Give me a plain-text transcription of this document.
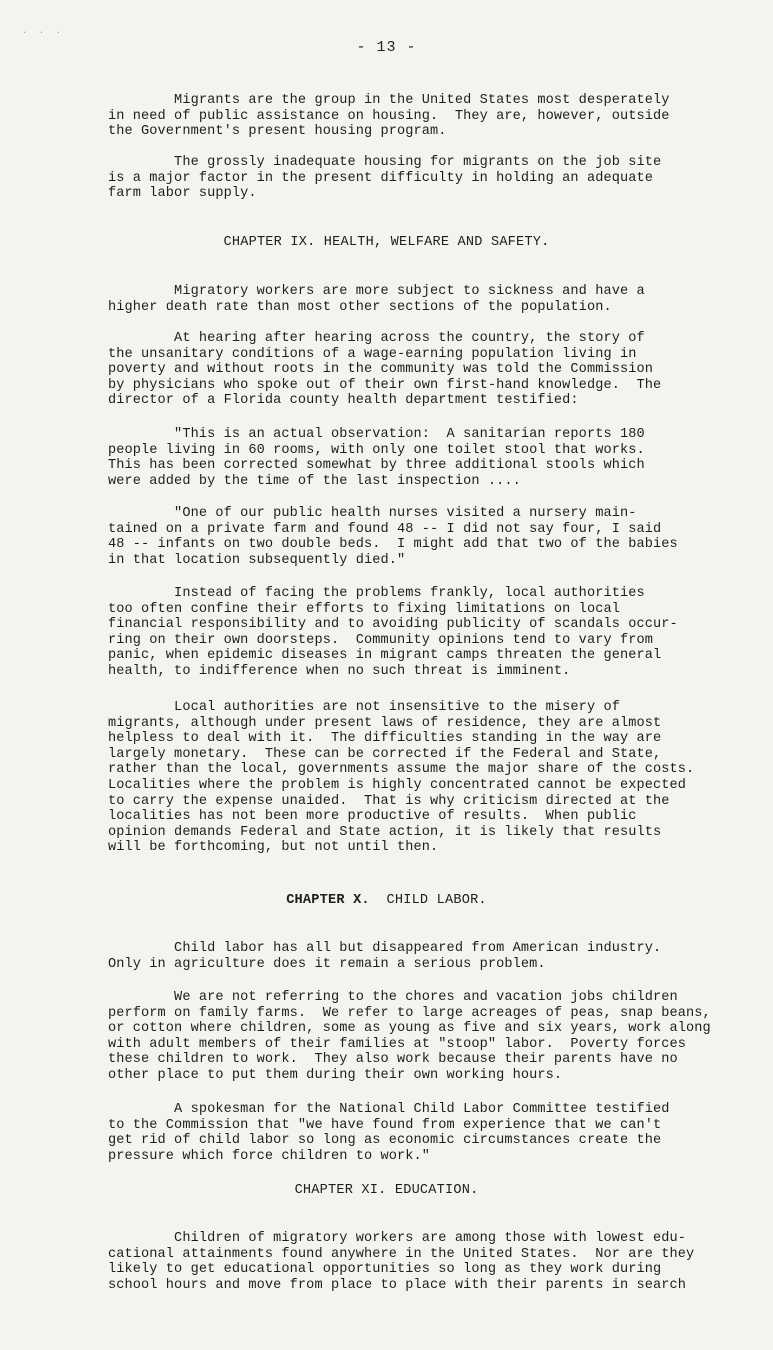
· · ·
- 13 -

Migrants are the group in the United States most desperately
in need of public assistance on housing.  They are, however, outside
the Government's present housing program.

The grossly inadequate housing for migrants on the job site
is a major factor in the present difficulty in holding an adequate
farm labor supply.

CHAPTER IX. HEALTH, WELFARE AND SAFETY.

Migratory workers are more subject to sickness and have a
higher death rate than most other sections of the population.

At hearing after hearing across the country, the story of
the unsanitary conditions of a wage-earning population living in
poverty and without roots in the community was told the Commission
by physicians who spoke out of their own first-hand knowledge.  The
director of a Florida county health department testified:

"This is an actual observation:  A sanitarian reports 180
people living in 60 rooms, with only one toilet stool that works.
This has been corrected somewhat by three additional stools which
were added by the time of the last inspection ....

"One of our public health nurses visited a nursery main-
tained on a private farm and found 48 -- I did not say four, I said
48 -- infants on two double beds.  I might add that two of the babies
in that location subsequently died."

Instead of facing the problems frankly, local authorities
too often confine their efforts to fixing limitations on local
financial responsibility and to avoiding publicity of scandals occur-
ring on their own doorsteps.  Community opinions tend to vary from
panic, when epidemic diseases in migrant camps threaten the general
health, to indifference when no such threat is imminent.

Local authorities are not insensitive to the misery of
migrants, although under present laws of residence, they are almost
helpless to deal with it.  The difficulties standing in the way are
largely monetary.  These can be corrected if the Federal and State,
rather than the local, governments assume the major share of the costs.
Localities where the problem is highly concentrated cannot be expected
to carry the expense unaided.  That is why criticism directed at the
localities has not been more productive of results.  When public
opinion demands Federal and State action, it is likely that results
will be forthcoming, but not until then.

CHAPTER X.  CHILD LABOR.

Child labor has all but disappeared from American industry.
Only in agriculture does it remain a serious problem.

We are not referring to the chores and vacation jobs children
perform on family farms.  We refer to large acreages of peas, snap beans,
or cotton where children, some as young as five and six years, work along
with adult members of their families at "stoop" labor.  Poverty forces
these children to work.  They also work because their parents have no
other place to put them during their own working hours.

A spokesman for the National Child Labor Committee testified
to the Commission that "we have found from experience that we can't
get rid of child labor so long as economic circumstances create the
pressure which force children to work."

CHAPTER XI. EDUCATION.

Children of migratory workers are among those with lowest edu-
cational attainments found anywhere in the United States.  Nor are they
likely to get educational opportunities so long as they work during
school hours and move from place to place with their parents in search
